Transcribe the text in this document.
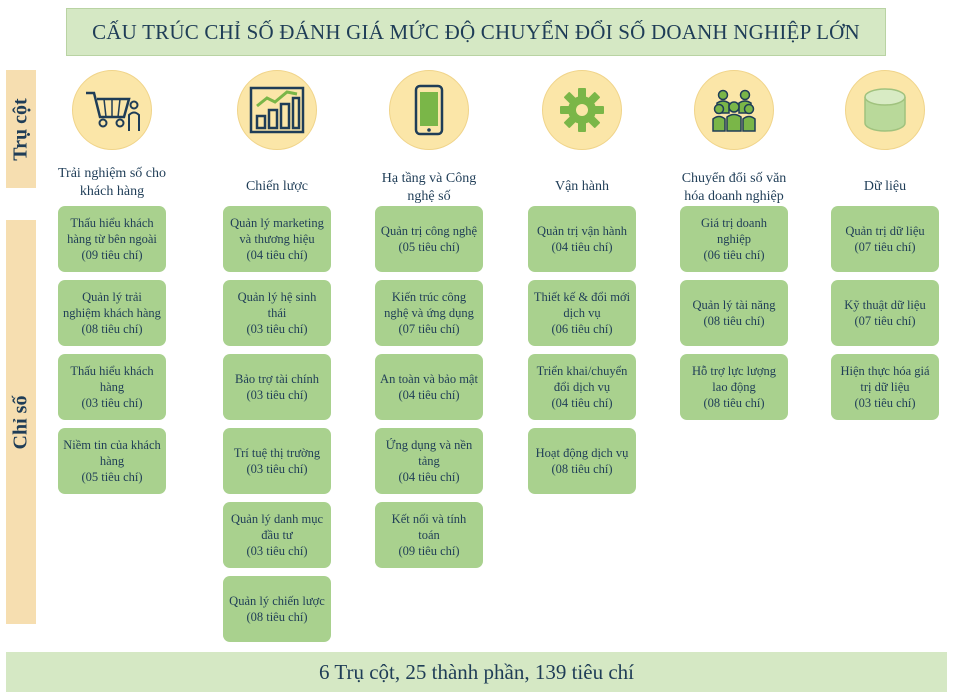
CẤU TRÚC CHỈ SỐ ĐÁNH GIÁ MỨC ĐỘ CHUYỂN ĐỔI SỐ DOANH NGHIỆP LỚN
Trụ cột
Chỉ số
Trải nghiệm số cho khách hàng
Thấu hiểu khách hàng từ bên ngoài
(09 tiêu chí)
Quản lý trải nghiệm khách hàng
(08 tiêu chí)
Thấu hiểu khách hàng
(03 tiêu chí)
Niềm tin của khách hàng
(05 tiêu chí)
Chiến lược
Quản lý marketing và thương hiệu
(04 tiêu chí)
Quản lý hệ sinh thái
(03 tiêu chí)
Bảo trợ tài chính
(03 tiêu chí)
Trí tuệ thị trường
(03 tiêu chí)
Quản lý danh mục đầu tư
(03 tiêu chí)
Quản lý chiến lược
(08 tiêu chí)
Hạ tầng và Công nghệ số
Quản trị công nghệ
(05 tiêu chí)
Kiến trúc công nghệ và ứng dụng
(07 tiêu chí)
An toàn và bảo mật
(04 tiêu chí)
Ứng dụng và nền tảng
(04 tiêu chí)
Kết nối và tính toán
(09 tiêu chí)
Vận hành
Quản trị vận hành
(04 tiêu chí)
Thiết kế & đổi mới dịch vụ
(06 tiêu chí)
Triển khai/chuyển đổi dịch vụ
(04 tiêu chí)
Hoạt động dịch vụ
(08 tiêu chí)
Chuyển đổi số văn hóa doanh nghiệp
Giá trị doanh nghiệp
(06 tiêu chí)
Quản lý tài năng
(08 tiêu chí)
Hỗ trợ lực lượng lao động
(08 tiêu chí)
Dữ liệu
Quản trị dữ liệu
(07 tiêu chí)
Kỹ thuật dữ liệu
(07 tiêu chí)
Hiện thực hóa giá trị dữ liệu
(03 tiêu chí)
6 Trụ cột, 25 thành phần, 139 tiêu chí
